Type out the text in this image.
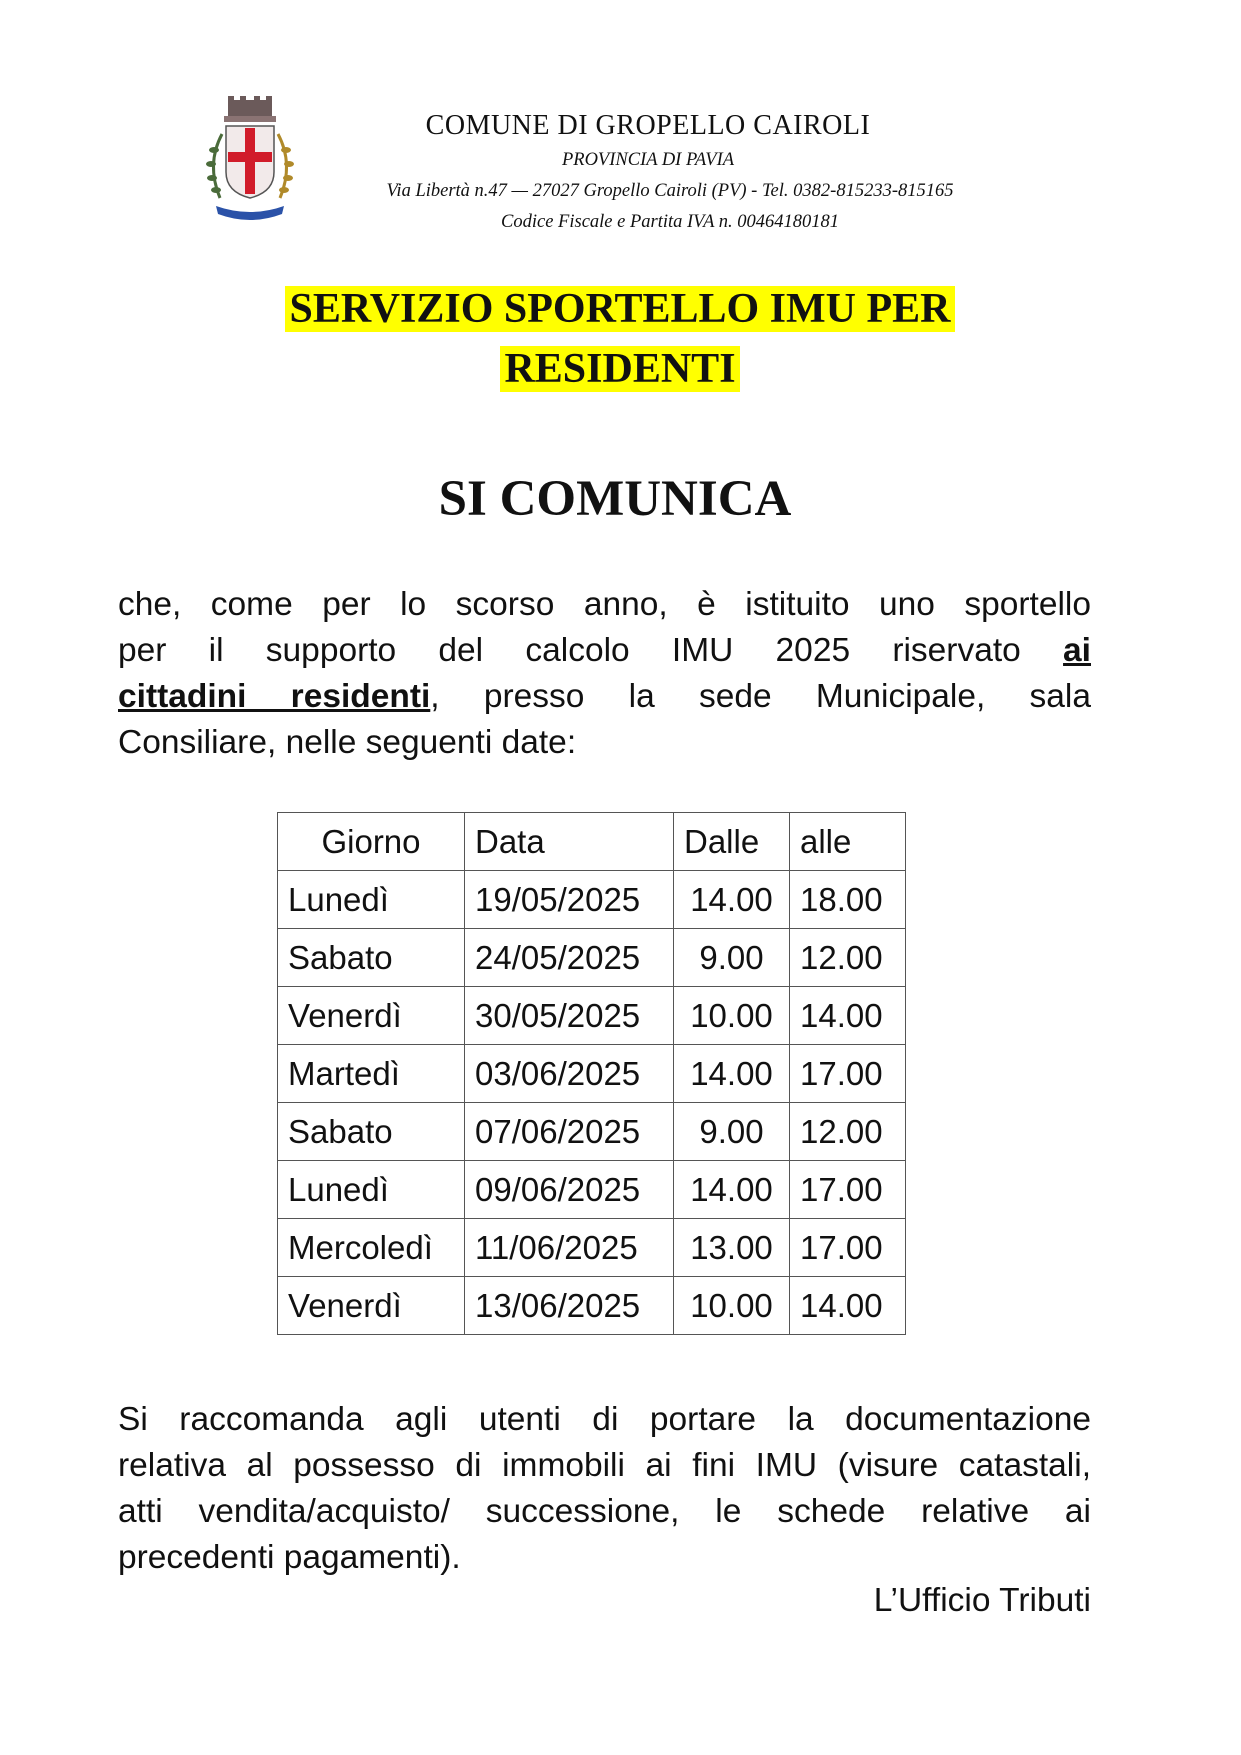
COMUNE DI GROPELLO CAIROLI
PROVINCIA DI PAVIA
Via Libertà n.47 — 27027 Gropello Cairoli (PV) - Tel. 0382-815233-815165
Codice Fiscale e Partita IVA n. 00464180181
SERVIZIO SPORTELLO IMU PER
RESIDENTI
SI COMUNICA
che, come per lo scorso anno, è istituito uno sportello
per il supporto del calcolo IMU 2025 riservato ai
cittadini residenti, presso la sede Municipale, sala
Consiliare, nelle seguenti date:
Giorno	Data	Dalle	alle
Lunedì	19/05/2025	14.00	18.00
Sabato	24/05/2025	9.00	12.00
Venerdì	30/05/2025	10.00	14.00
Martedì	03/06/2025	14.00	17.00
Sabato	07/06/2025	9.00	12.00
Lunedì	09/06/2025	14.00	17.00
Mercoledì	11/06/2025	13.00	17.00
Venerdì	13/06/2025	10.00	14.00
Si raccomanda agli utenti di portare la documentazione
relativa al possesso di immobili ai fini IMU (visure catastali,
atti vendita/acquisto/ successione, le schede relative ai
precedenti pagamenti).
L’Ufficio Tributi
